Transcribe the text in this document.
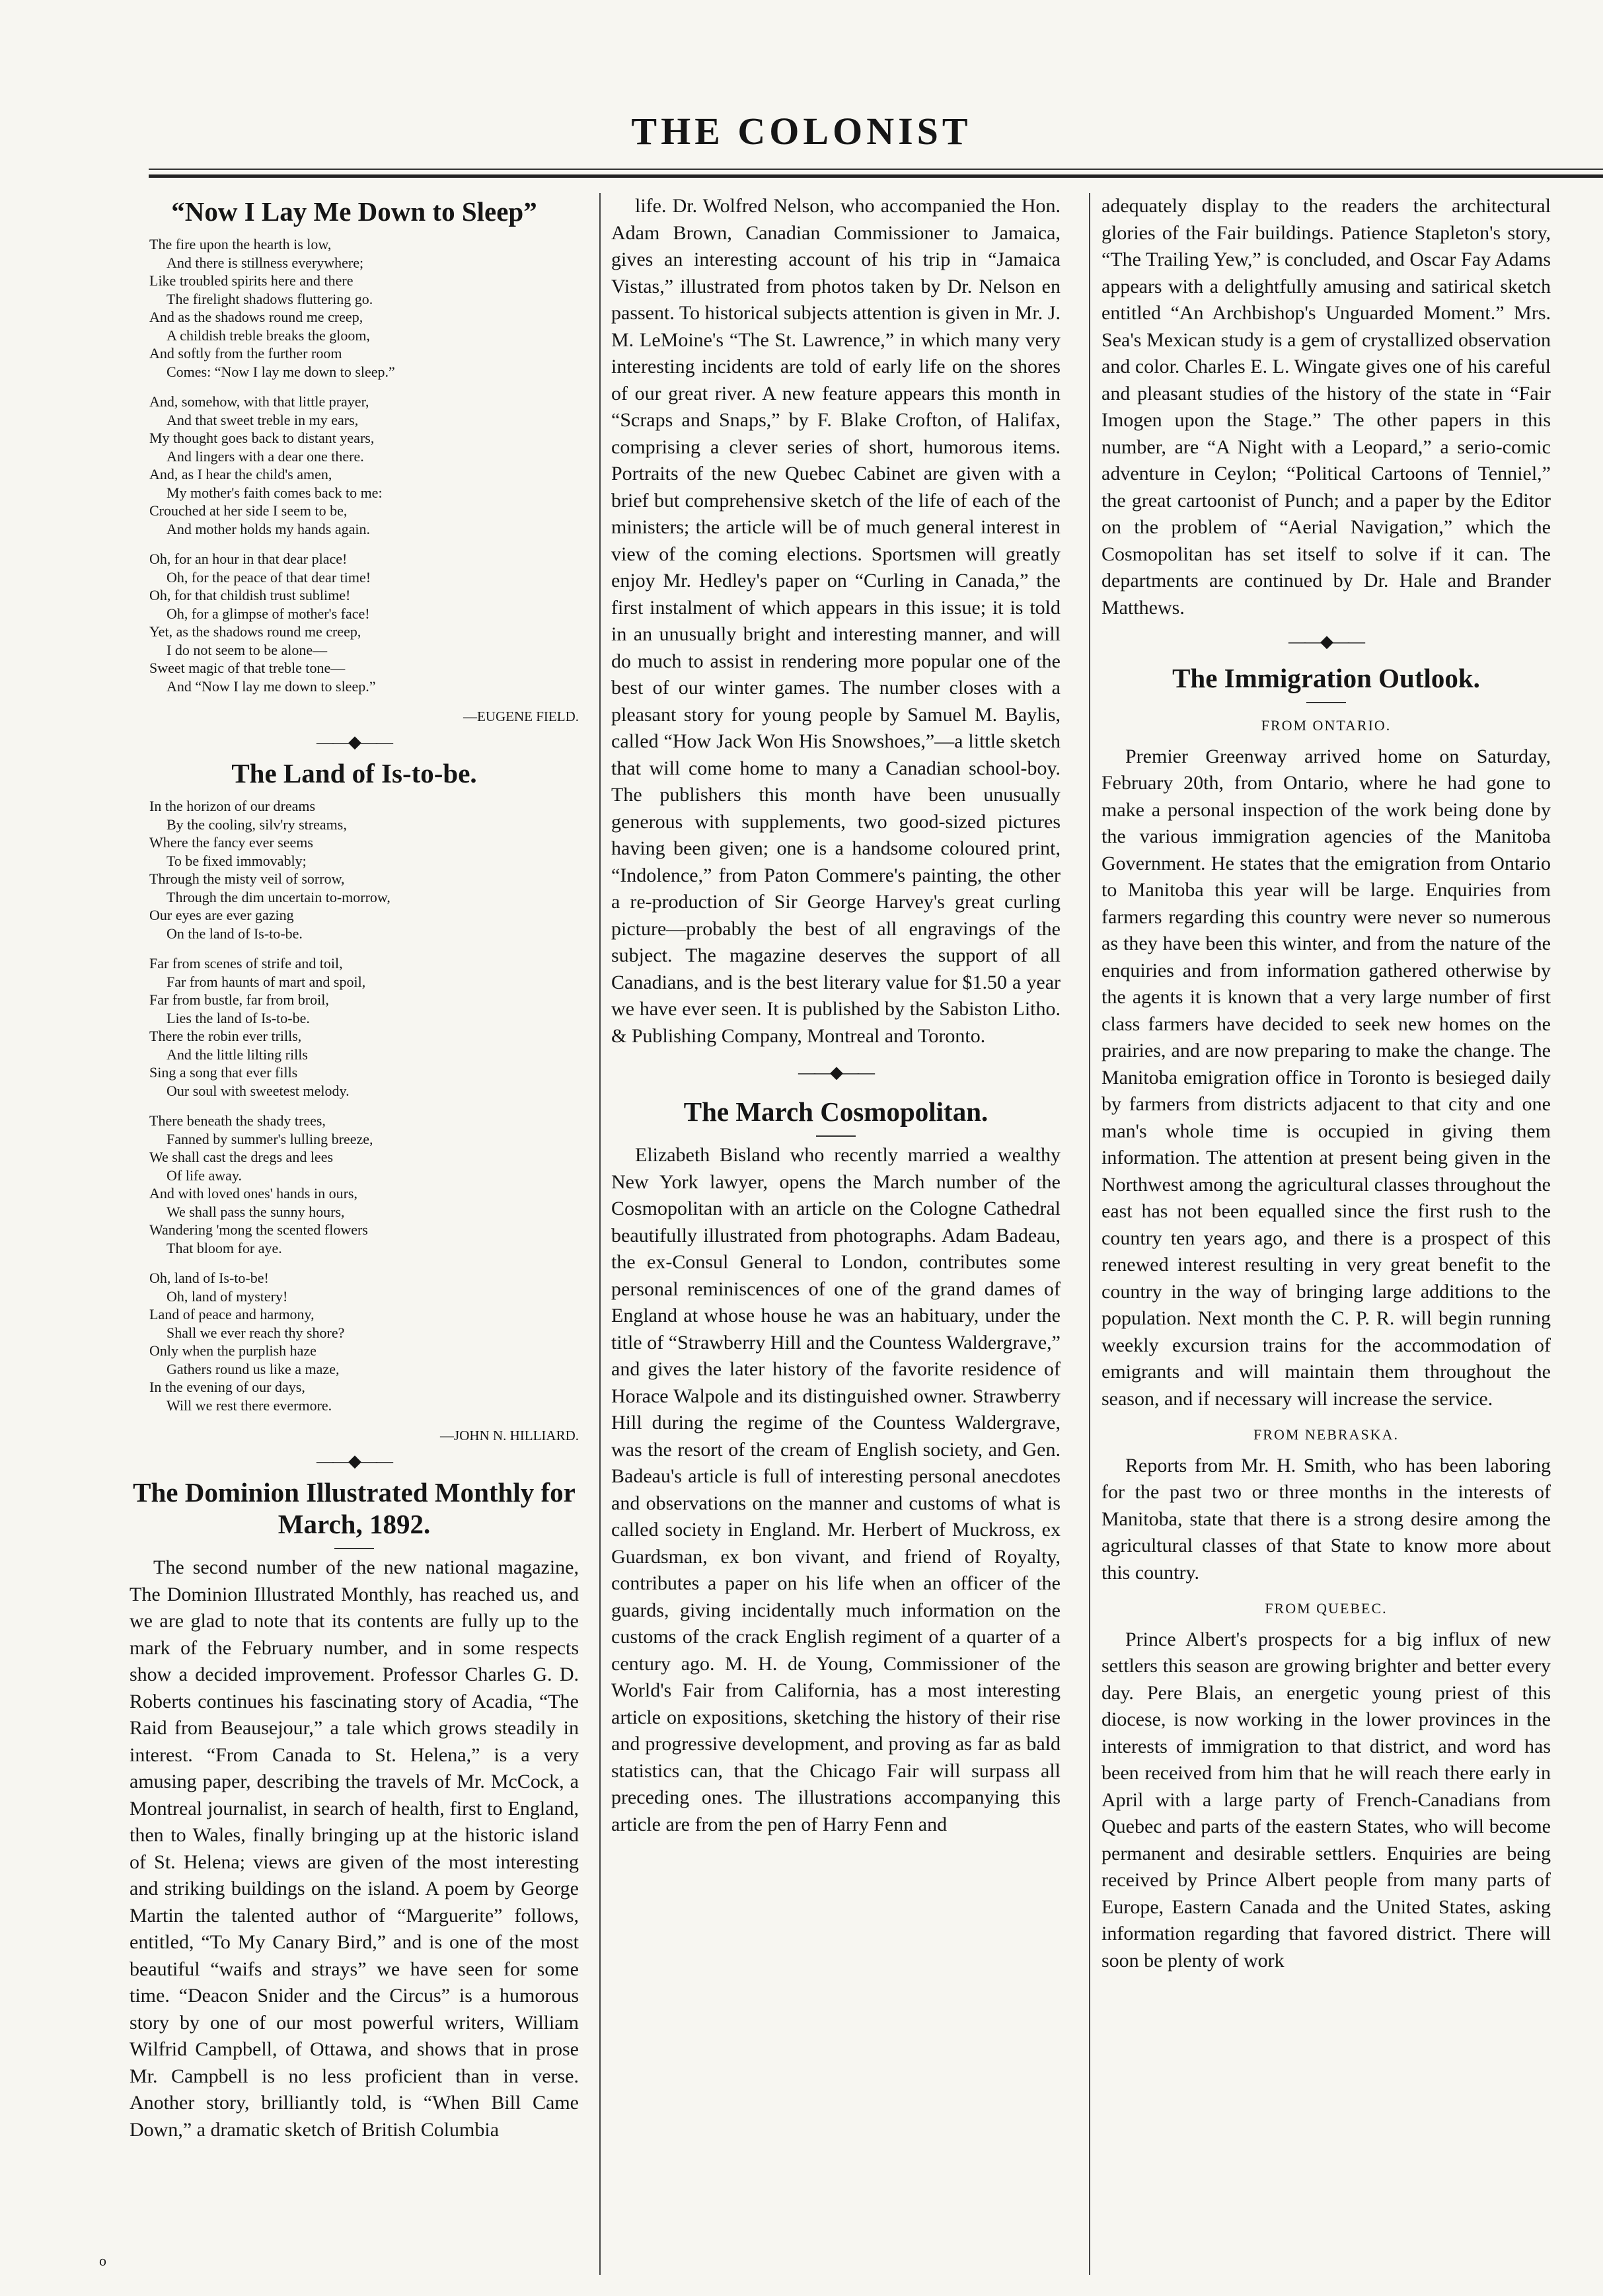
THE COLONIST
“Now I Lay Me Down to Sleep”
The fire upon the hearth is low,
And there is stillness everywhere;
Like troubled spirits here and there
The firelight shadows fluttering go.
And as the shadows round me creep,
A childish treble breaks the gloom,
And softly from the further room
Comes: “Now I lay me down to sleep.”
And, somehow, with that little prayer,
And that sweet treble in my ears,
My thought goes back to distant years,
And lingers with a dear one there.
And, as I hear the child's amen,
My mother's faith comes back to me:
Crouched at her side I seem to be,
And mother holds my hands again.
Oh, for an hour in that dear place!
Oh, for the peace of that dear time!
Oh, for that childish trust sublime!
Oh, for a glimpse of mother's face!
Yet, as the shadows round me creep,
I do not seem to be alone—
Sweet magic of that treble tone—
And “Now I lay me down to sleep.”
—EUGENE FIELD.
——◆——
The Land of Is-to-be.
In the horizon of our dreams
By the cooling, silv'ry streams,
Where the fancy ever seems
To be fixed immovably;
Through the misty veil of sorrow,
Through the dim uncertain to-morrow,
Our eyes are ever gazing
On the land of Is-to-be.
Far from scenes of strife and toil,
Far from haunts of mart and spoil,
Far from bustle, far from broil,
Lies the land of Is-to-be.
There the robin ever trills,
And the little lilting rills
Sing a song that ever fills
Our soul with sweetest melody.
There beneath the shady trees,
Fanned by summer's lulling breeze,
We shall cast the dregs and lees
Of life away.
And with loved ones' hands in ours,
We shall pass the sunny hours,
Wandering 'mong the scented flowers
That bloom for aye.
Oh, land of Is-to-be!
Oh, land of mystery!
Land of peace and harmony,
Shall we ever reach thy shore?
Only when the purplish haze
Gathers round us like a maze,
In the evening of our days,
Will we rest there evermore.
—JOHN N. HILLIARD.
——◆——
The Dominion Illustrated Monthly for March, 1892.

The second number of the new national magazine, The Dominion Illustrated Monthly, has reached us, and we are glad to note that its contents are fully up to the mark of the February number, and in some respects show a decided improvement. Professor Charles G. D. Roberts continues his fascinating story of Acadia, “The Raid from Beausejour,” a tale which grows steadily in interest. “From Canada to St. Helena,” is a very amusing paper, describing the travels of Mr. McCock, a Montreal journalist, in search of health, first to England, then to Wales, finally bringing up at the historic island of St. Helena; views are given of the most interesting and striking buildings on the island. A poem by George Martin the talented author of “Marguerite” follows, entitled, “To My Canary Bird,” and is one of the most beautiful “waifs and strays” we have seen for some time. “Deacon Snider and the Circus” is a humorous story by one of our most powerful writers, William Wilfrid Campbell, of Ottawa, and shows that in prose Mr. Campbell is no less proficient than in verse. Another story, brilliantly told, is “When Bill Came Down,” a dramatic sketch of British Columbia

life. Dr. Wolfred Nelson, who accompanied the Hon. Adam Brown, Canadian Commissioner to Jamaica, gives an interesting account of his trip in “Jamaica Vistas,” illustrated from photos taken by Dr. Nelson en passent. To historical subjects attention is given in Mr. J. M. LeMoine's “The St. Lawrence,” in which many very interesting incidents are told of early life on the shores of our great river. A new feature appears this month in “Scraps and Snaps,” by F. Blake Crofton, of Halifax, comprising a clever series of short, humorous items. Portraits of the new Quebec Cabinet are given with a brief but comprehensive sketch of the life of each of the ministers; the article will be of much general interest in view of the coming elections. Sportsmen will greatly enjoy Mr. Hedley's paper on “Curling in Canada,” the first instalment of which appears in this issue; it is told in an unusually bright and interesting manner, and will do much to assist in rendering more popular one of the best of our winter games. The number closes with a pleasant story for young people by Samuel M. Baylis, called “How Jack Won His Snowshoes,”—a little sketch that will come home to many a Canadian school-boy. The publishers this month have been unusually generous with supplements, two good-sized pictures having been given; one is a handsome coloured print, “Indolence,” from Paton Commere's painting, the other a re-production of Sir George Harvey's great curling picture—probably the best of all engravings of the subject. The magazine deserves the support of all Canadians, and is the best literary value for $1.50 a year we have ever seen. It is published by the Sabiston Litho. & Publishing Company, Montreal and Toronto.

——◆——
The March Cosmopolitan.

Elizabeth Bisland who recently married a wealthy New York lawyer, opens the March number of the Cosmopolitan with an article on the Cologne Cathedral beautifully illustrated from photographs. Adam Badeau, the ex-Consul General to London, contributes some personal reminiscences of one of the grand dames of England at whose house he was an habituary, under the title of “Strawberry Hill and the Countess Waldergrave,” and gives the later history of the favorite residence of Horace Walpole and its distinguished owner. Strawberry Hill during the regime of the Countess Waldergrave, was the resort of the cream of English society, and Gen. Badeau's article is full of interesting personal anecdotes and observations on the manner and customs of what is called society in England. Mr. Herbert of Muckross, ex Guardsman, ex bon vivant, and friend of Royalty, contributes a paper on his life when an officer of the guards, giving incidentally much information on the customs of the crack English regiment of a quarter of a century ago. M. H. de Young, Commissioner of the World's Fair from California, has a most interesting article on expositions, sketching the history of their rise and progressive development, and proving as far as bald statistics can, that the Chicago Fair will surpass all preceding ones. The illustrations accompanying this article are from the pen of Harry Fenn and

adequately display to the readers the architectural glories of the Fair buildings. Patience Stapleton's story, “The Trailing Yew,” is concluded, and Oscar Fay Adams appears with a delightfully amusing and satirical sketch entitled “An Archbishop's Unguarded Moment.” Mrs. Sea's Mexican study is a gem of crystallized observation and color. Charles E. L. Wingate gives one of his careful and pleasant studies of the history of the state in “Fair Imogen upon the Stage.” The other papers in this number, are “A Night with a Leopard,” a serio-comic adventure in Ceylon; “Political Cartoons of Tenniel,” the great cartoonist of Punch; and a paper by the Editor on the problem of “Aerial Navigation,” which the Cosmopolitan has set itself to solve if it can. The departments are continued by Dr. Hale and Brander Matthews.

——◆——
The Immigration Outlook.
FROM ONTARIO.

Premier Greenway arrived home on Saturday, February 20th, from Ontario, where he had gone to make a personal inspection of the work being done by the various immigration agencies of the Manitoba Government. He states that the emigration from Ontario to Manitoba this year will be large. Enquiries from farmers regarding this country were never so numerous as they have been this winter, and from the nature of the enquiries and from information gathered otherwise by the agents it is known that a very large number of first class farmers have decided to seek new homes on the prairies, and are now preparing to make the change. The Manitoba emigration office in Toronto is besieged daily by farmers from districts adjacent to that city and one man's whole time is occupied in giving them information. The attention at present being given in the Northwest among the agricultural classes throughout the east has not been equalled since the first rush to the country ten years ago, and there is a prospect of this renewed interest resulting in very great benefit to the country in the way of bringing large additions to the population. Next month the C. P. R. will begin running weekly excursion trains for the accommodation of emigrants and will maintain them throughout the season, and if necessary will increase the service.

FROM NEBRASKA.

Reports from Mr. H. Smith, who has been laboring for the past two or three months in the interests of Manitoba, state that there is a strong desire among the agricultural classes of that State to know more about this country.

FROM QUEBEC.

Prince Albert's prospects for a big influx of new settlers this season are growing brighter and better every day. Pere Blais, an energetic young priest of this diocese, is now working in the lower provinces in the interests of immigration to that district, and word has been received from him that he will reach there early in April with a large party of French-Canadians from Quebec and parts of the eastern States, who will become permanent and desirable settlers. Enquiries are being received by Prince Albert people from many parts of Europe, Eastern Canada and the United States, asking information regarding that favored district. There will soon be plenty of work

o
